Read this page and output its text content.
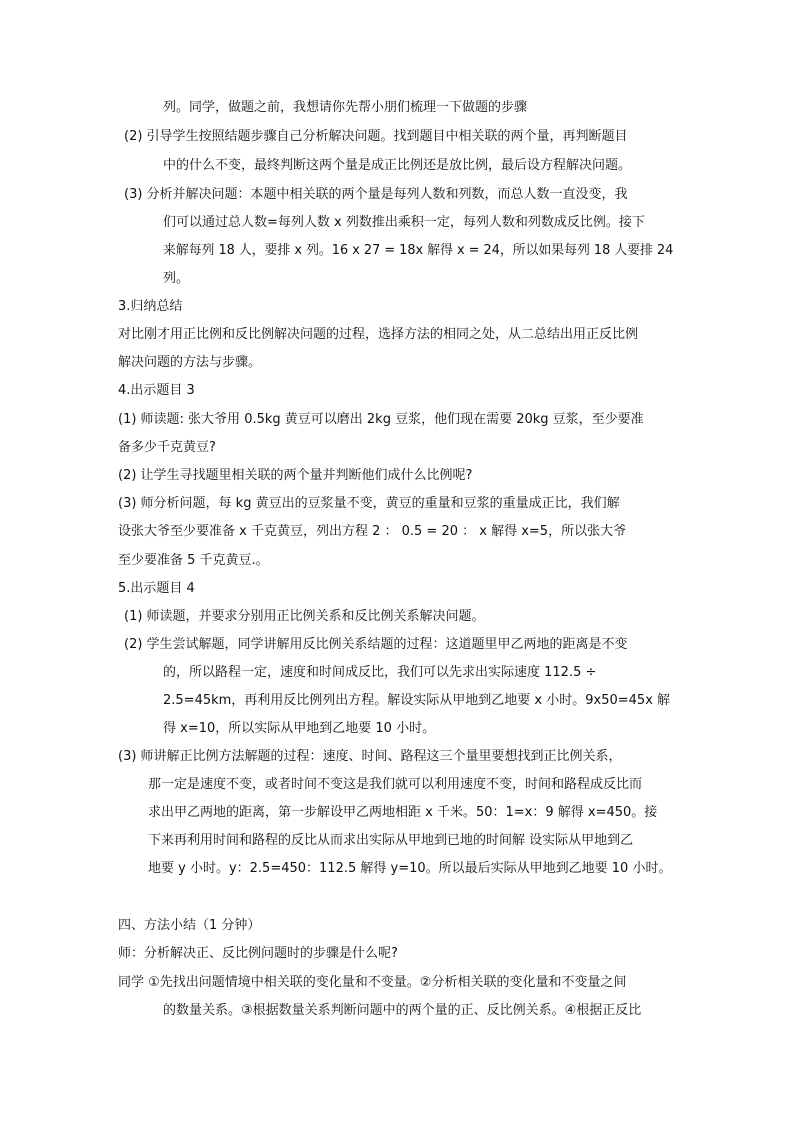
列。同学，做题之前，我想请你先帮小朋们梳理一下做题的步骤
(2) 引导学生按照结题步骤自己分析解决问题。找到题目中相关联的两个量，再判断题目
中的什么不变，最终判断这两个量是成正比例还是放比例，最后设方程解决问题。
(3) 分析并解决问题：本题中相关联的两个量是每列人数和列数，而总人数一直没变，我
们可以通过总人数=每列人数 x 列数推出乘积一定，每列人数和列数成反比例。接下
来解每列 18 人，要排 x 列。16 x 27 = 18x 解得 x = 24，所以如果每列 18 人要排 24
列。
3.归纳总结
对比刚才用正比例和反比例解决问题的过程，选择方法的相同之处，从二总结出用正反比例
解决问题的方法与步骤。
4.出示题目 3
(1) 师读题: 张大爷用 0.5kg 黄豆可以磨出 2kg 豆浆，他们现在需要 20kg 豆浆，至少要准
备多少千克黄豆?
(2) 让学生寻找题里相关联的两个量并判断他们成什么比例呢?
(3) 师分析问题，每 kg 黄豆出的豆浆量不变，黄豆的重量和豆浆的重量成正比，我们解
设张大爷至少要准备 x 千克黄豆，列出方程 2 ： 0.5 = 20 ： x 解得 x=5，所以张大爷
至少要准备 5 千克黄豆.。
5.出示题目 4
(1) 师读题，并要求分别用正比例关系和反比例关系解决问题。
(2) 学生尝试解题，同学讲解用反比例关系结题的过程：这道题里甲乙两地的距离是不变
的，所以路程一定，速度和时间成反比，我们可以先求出实际速度 112.5 ÷
2.5=45km，再利用反比例列出方程。解设实际从甲地到乙地要 x 小时。9x50=45x 解
得 x=10，所以实际从甲地到乙地要 10 小时。
(3) 师讲解正比例方法解题的过程：速度、时间、路程这三个量里要想找到正比例关系，
那一定是速度不变，或者时间不变这是我们就可以利用速度不变，时间和路程成反比而
求出甲乙两地的距离，第一步解设甲乙两地相距 x 千米。50：1=x：9 解得 x=450。接
下来再利用时间和路程的反比从而求出实际从甲地到已地的时间解 设实际从甲地到乙
地要 y 小时。y：2.5=450：112.5 解得 y=10。所以最后实际从甲地到乙地要 10 小时。
四、方法小结（1 分钟）
师：分析解决正、反比例问题时的步骤是什么呢?
同学 ①先找出问题情境中相关联的变化量和不变量。②分析相关联的变化量和不变量之间
的数量关系。③根据数量关系判断问题中的两个量的正、反比例关系。④根据正反比
